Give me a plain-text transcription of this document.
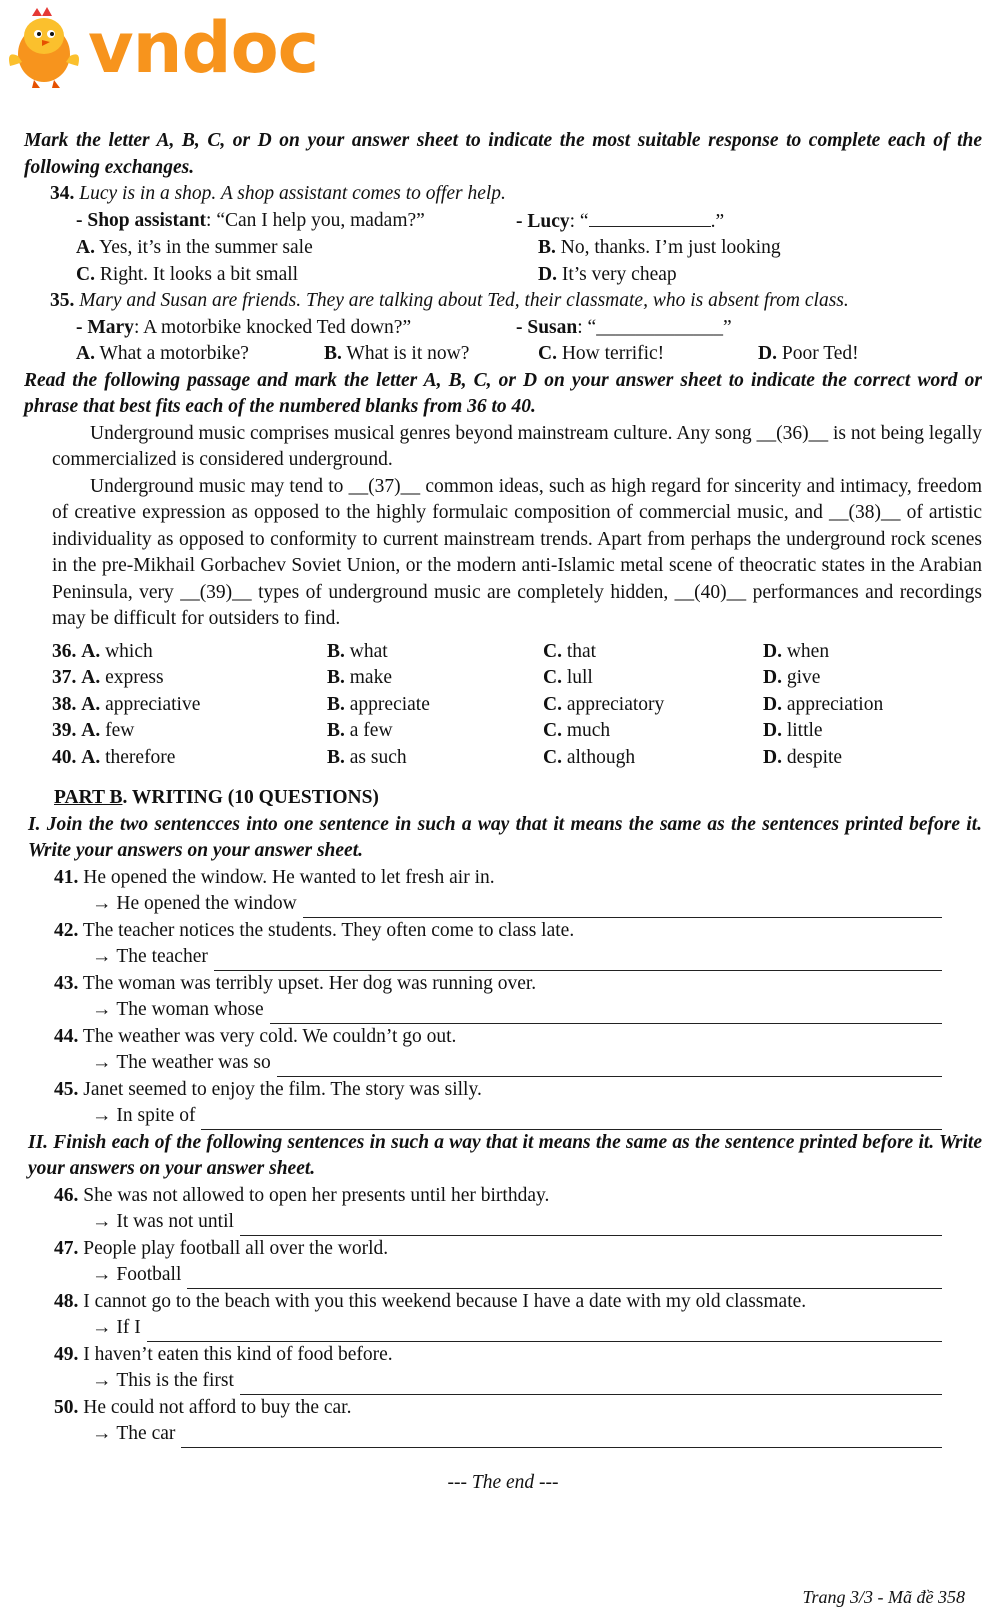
vndoc

Mark the letter A, B, C, or D on your answer sheet to indicate the most suitable response to complete each of the following exchanges.

34. Lucy is in a shop. A shop assistant comes to offer help.
- Shop assistant: “Can I help you, madam?”	- Lucy: “	.”
A. Yes, it’s in the summer sale	B. No, thanks. I’m just looking
C. Right. It looks a bit small	D. It’s very cheap
35. Mary and Susan are friends. They are talking about Ted, their classmate, who is absent from class.
- Mary: A motorbike knocked Ted down?”	- Susan: “_____________”
A. What a motorbike?	B. What is it now?	C. How terrific!	D. Poor Ted!

Read the following passage and mark the letter A, B, C, or D on your answer sheet to indicate the correct word or phrase that best fits each of the numbered blanks from 36 to 40.

Underground music comprises musical genres beyond mainstream culture. Any song __(36)__ is not being legally commercialized is considered underground.

Underground music may tend to __(37)__ common ideas, such as high regard for sincerity and intimacy, freedom of creative expression as opposed to the highly formulaic composition of commercial music, and __(38)__ of artistic individuality as opposed to conformity to current mainstream trends. Apart from perhaps the underground rock scenes in the pre-Mikhail Gorbachev Soviet Union, or the modern anti-Islamic metal scene of theocratic states in the Arabian Peninsula, very __(39)__ types of underground music are completely hidden, __(40)__ performances and recordings may be difficult for outsiders to find.

36. A. which	B. what	C. that	D. when
37. A. express	B. make	C. lull	D. give
38. A. appreciative	B. appreciate	C. appreciatory	D. appreciation
39. A. few	B. a few	C. much	D. little
40. A. therefore	B. as such	C. although	D. despite
PART B. WRITING (10 QUESTIONS)

I. Join the two sentencces into one sentence in such a way that it means the same as the sentences printed before it. Write your answers on your answer sheet.

41. He opened the window. He wanted to let fresh air in.
→
He opened the window
42. The teacher notices the students. They often come to class late.
→
The teacher
43. The woman was terribly upset. Her dog was running over.
→
The woman whose
44. The weather was very cold. We couldn’t go out.
→
The weather was so
45. Janet seemed to enjoy the film. The story was silly.
→
In spite of

II. Finish each of the following sentences in such a way that it means the same as the sentence printed before it. Write your answers on your answer sheet.

46. She was not allowed to open her presents until her birthday.
→
It was not until
47. People play football all over the world.
→
Football
48. I cannot go to the beach with you this weekend because I have a date with my old classmate.
→
If I
49. I haven’t eaten this kind of food before.
→
This is the first
50. He could not afford to buy the car.
→
The car
--- The end ---
Trang 3/3 - Mã đề 358
